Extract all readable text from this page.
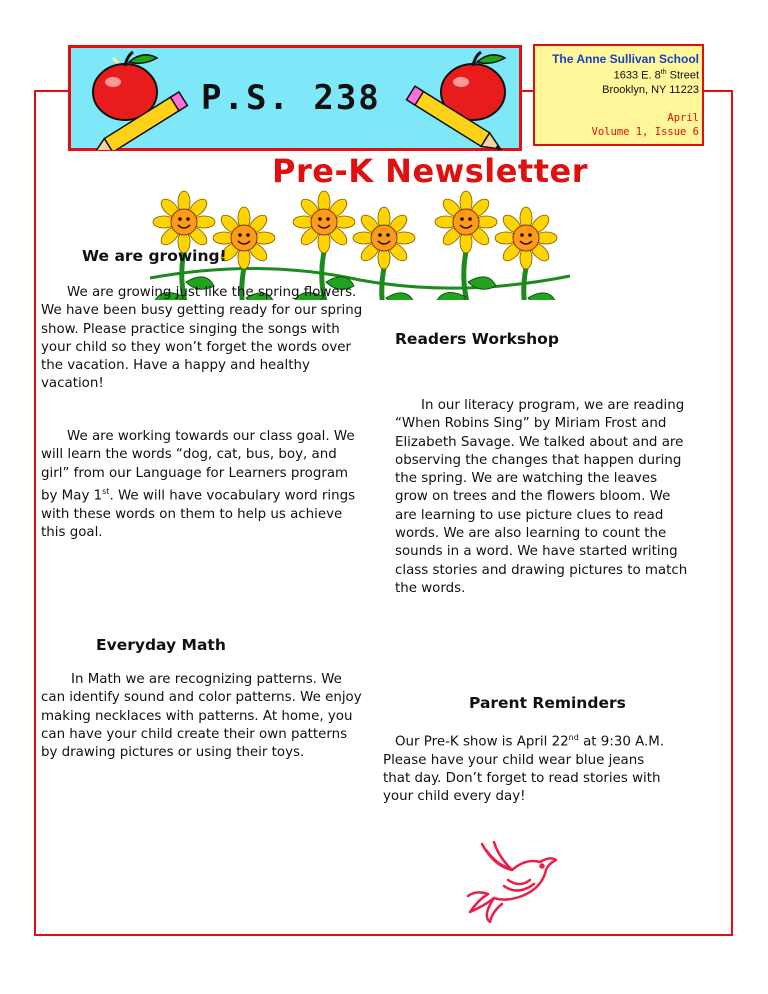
P.S. 238
The Anne Sullivan School
1633 E. 8th Street
Brooklyn, NY 11223
April
Volume 1, Issue 6
Pre-K Newsletter
We are growing!

We are growing just like the spring flowers. We have been busy getting ready for our spring show. Please practice singing the songs with your child so they won’t forget the words over the vacation. Have a happy and healthy vacation!

We are working towards our class goal. We will learn the words “dog, cat, bus, boy, and girl” from our Language for Learners program by May 1st. We will have vocabulary word rings with these words on them to help us achieve this goal.

Everyday Math

In Math we are recognizing patterns. We can identify sound and color patterns. We enjoy making necklaces with patterns. At home, you can have your child create their own patterns by drawing pictures or using their toys.

Readers Workshop

In our literacy program, we are reading “When Robins Sing” by Miriam Frost and Elizabeth Savage. We talked about and are observing the changes that happen during the spring. We are watching the leaves grow on trees and the flowers bloom. We are learning to use picture clues to read words. We are also learning to count the sounds in a word. We have started writing class stories and drawing pictures to match the words.

Parent Reminders

Our Pre-K show is April 22nd at 9:30 A.M. Please have your child wear blue jeans that day. Don’t forget to read stories with your child every day!
